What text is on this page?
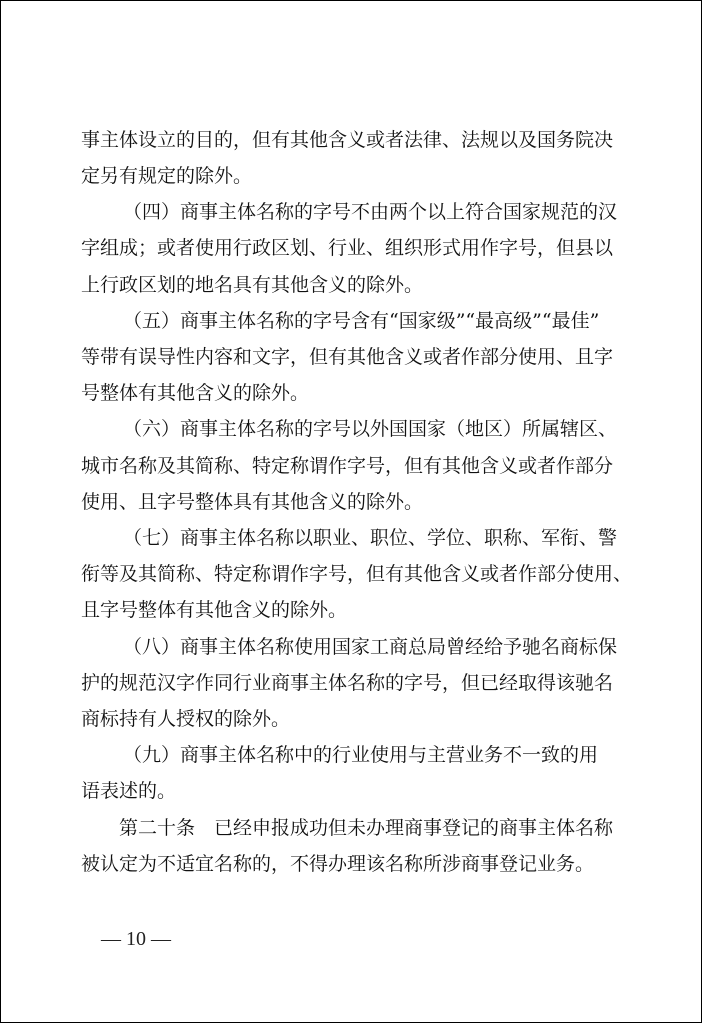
事主体设立的目的，但有其他含义或者法律、法规以及国务院决
定另有规定的除外。
（四）商事主体名称的字号不由两个以上符合国家规范的汉
字组成；或者使用行政区划、行业、组织形式用作字号，但县以
上行政区划的地名具有其他含义的除外。
（五）商事主体名称的字号含有“国家级”“最高级”“最佳”
等带有误导性内容和文字，但有其他含义或者作部分使用、且字
号整体有其他含义的除外。
（六）商事主体名称的字号以外国国家（地区）所属辖区、
城市名称及其简称、特定称谓作字号，但有其他含义或者作部分
使用、且字号整体具有其他含义的除外。
（七）商事主体名称以职业、职位、学位、职称、军衔、警
衔等及其简称、特定称谓作字号，但有其他含义或者作部分使用、
且字号整体有其他含义的除外。
（八）商事主体名称使用国家工商总局曾经给予驰名商标保
护的规范汉字作同行业商事主体名称的字号，但已经取得该驰名
商标持有人授权的除外。
（九）商事主体名称中的行业使用与主营业务不一致的用
语表述的。
第二十条　已经申报成功但未办理商事登记的商事主体名称
被认定为不适宜名称的，不得办理该名称所涉商事登记业务。
— 10 —
